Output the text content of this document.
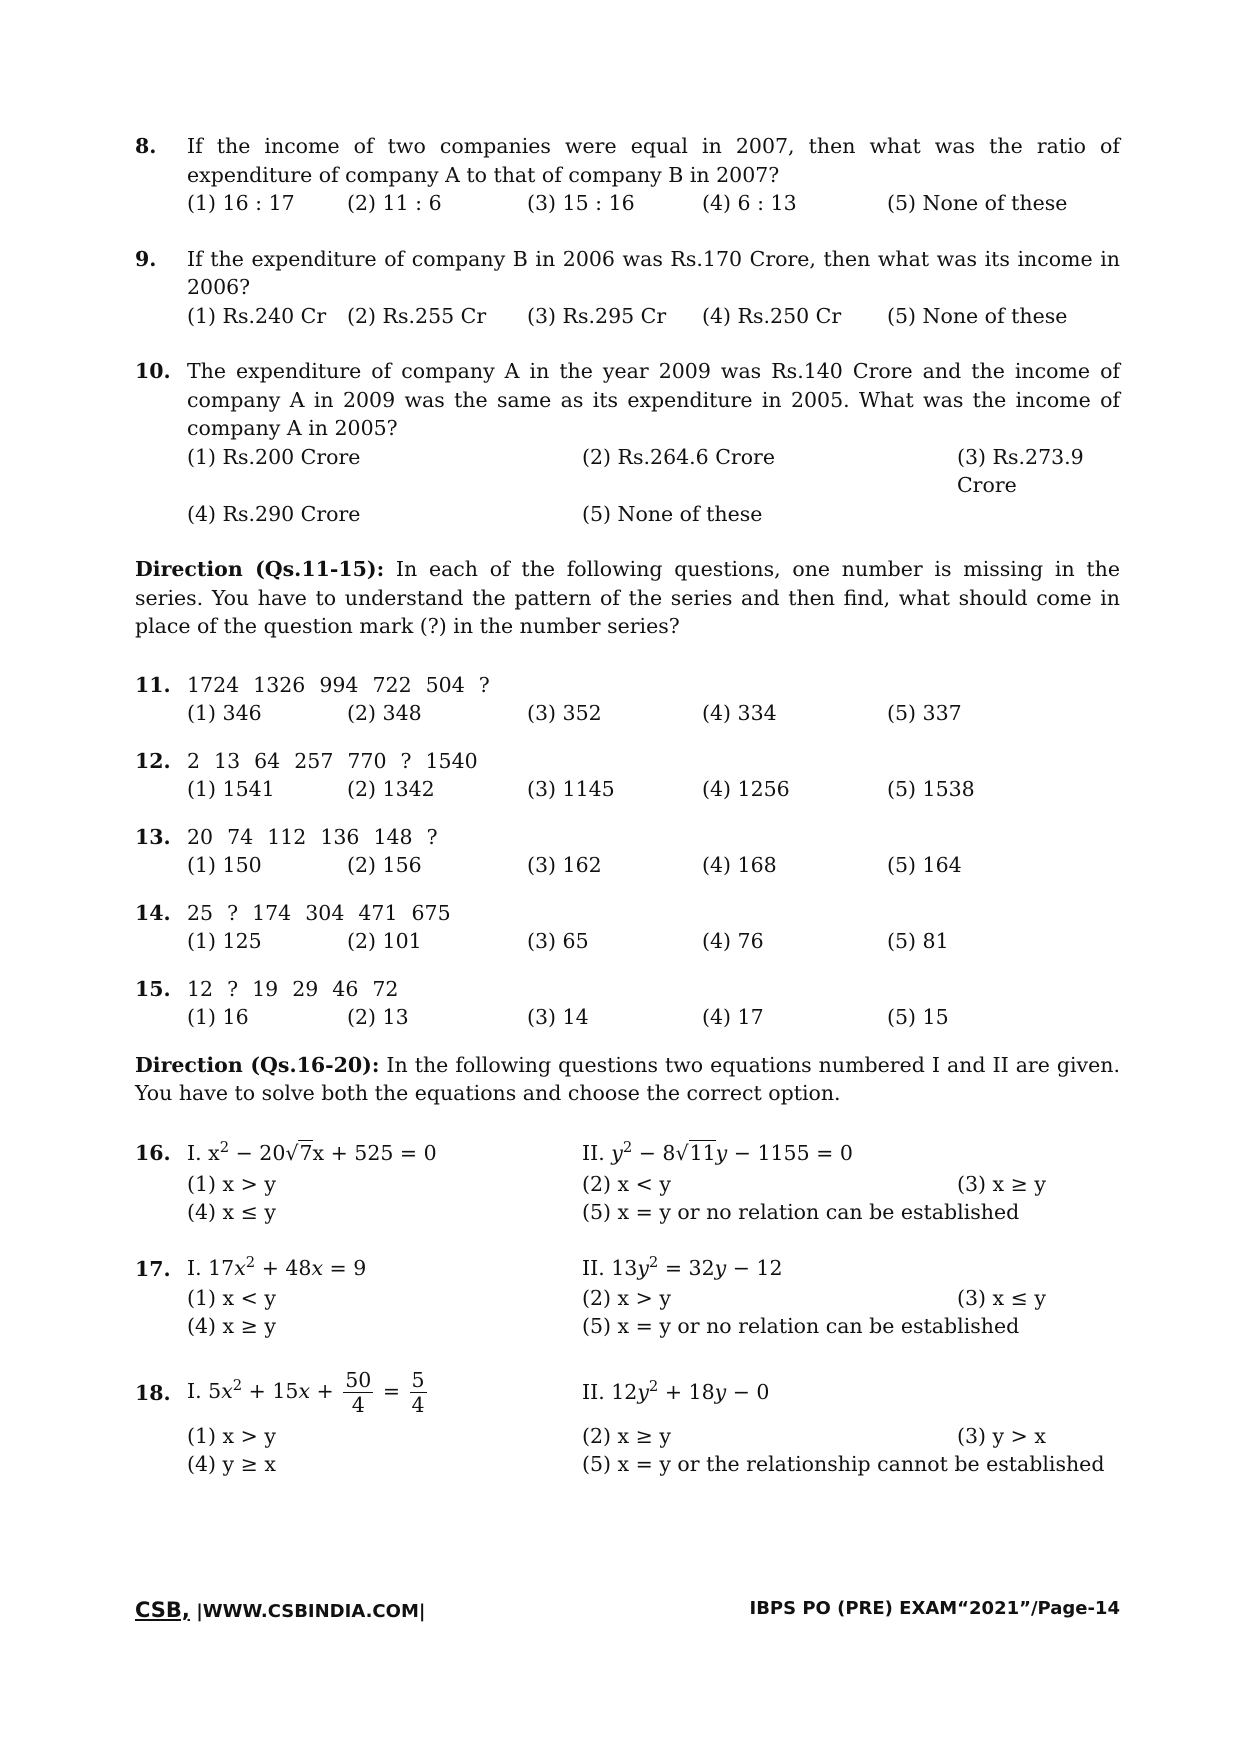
8.	If the income of two companies were equal in 2007, then what was the ratio of expenditure of company A to that of company B in 2007?
(1) 16 : 17	(2) 11 : 6	(3) 15 : 16	(4) 6 : 13	(5) None of these
9.	If the expenditure of company B in 2006 was Rs.170 Crore, then what was its income in 2006?
(1) Rs.240 Cr	(2) Rs.255 Cr	(3) Rs.295 Cr	(4) Rs.250 Cr	(5) None of these
10. The expenditure of company A in the year 2009 was Rs.140 Crore and the income of company A in 2009 was the same as its expenditure in 2005. What was the income of company A in 2005?
(1) Rs.200 Crore	(2) Rs.264.6 Crore	(3) Rs.273.9 Crore
(4) Rs.290 Crore	(5) None of these
Direction (Qs.11-15): In each of the following questions, one number is missing in the series. You have to understand the pattern of the series and then find, what should come in place of the question mark (?) in the number series?
11. 1724 1326 994 722 504 ?
(1) 346	(2) 348	(3) 352	(4) 334	(5) 337
12. 2 13 64 257 770 ? 1540
(1) 1541	(2) 1342	(3) 1145	(4) 1256	(5) 1538
13. 20 74 112 136 148 ?
(1) 150	(2) 156	(3) 162	(4) 168	(5) 164
14. 25 ? 174 304 471 675
(1) 125	(2) 101	(3) 65	(4) 76	(5) 81
15. 12 ? 19 29 46 72
(1) 16	(2) 13	(3) 14	(4) 17	(5) 15
Direction (Qs.16-20): In the following questions two equations numbered I and II are given. You have to solve both the equations and choose the correct option.
16. I. $x^2 - 20√7x + 525 = 0$	II. $y^2 - 8√11y - 1155 = 0$
(1) x > y	(2) x < y	(3) x ≥ y
(4) x ≤ y	(5) x = y or no relation can be established
17. I. $17x^2 + 48x = 9$	II. $13y^2 = 32y - 12$
(1) x < y	(2) x > y	(3) x ≤ y
(4) x ≥ y	(5) x = y or no relation can be established
18. I. $5x^2 + 15x + \frac{50}{4} = \frac{5}{4}$	II. $12y^2 + 18y - 0$
(1) x > y	(2) x ≥ y	(3) y > x
(4) y ≥ x	(5) x = y or the relationship cannot be established
CSB, |WWW.CSBINDIA.COM|	IBPS PO (PRE) EXAM“2021”/Page-14
